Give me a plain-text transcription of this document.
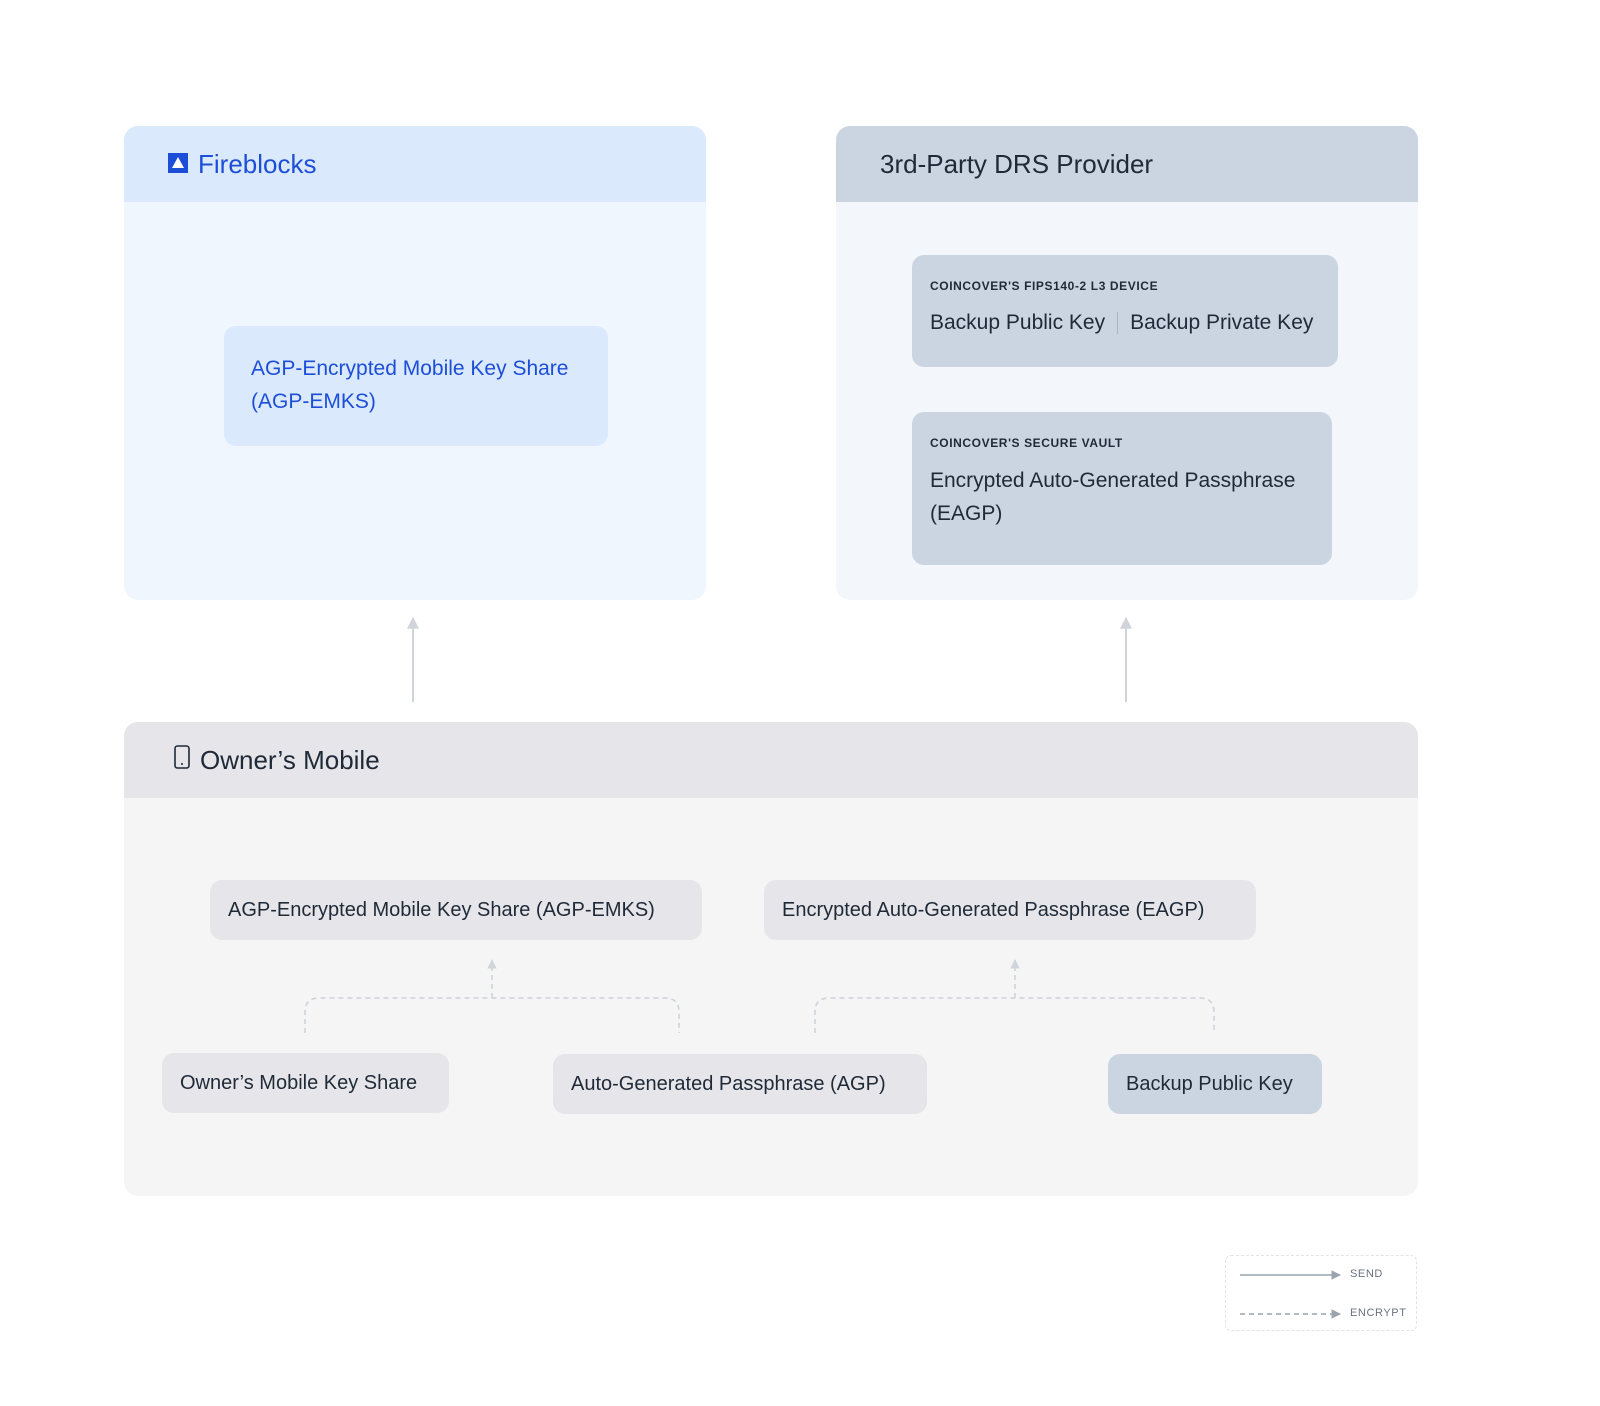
Fireblocks
AGP-Encrypted Mobile Key Share
(AGP-EMKS)
3rd-Party DRS Provider
COINCOVER'S FIPS140-2 L3 DEVICE
Backup Public Key Backup Private Key
COINCOVER'S SECURE VAULT
Encrypted Auto-Generated Passphrase
(EAGP)
Owner’s Mobile
AGP-Encrypted Mobile Key Share (AGP-EMKS)	Encrypted Auto-Generated Passphrase (EAGP)
Owner’s Mobile Key Share	Auto-Generated Passphrase (AGP)	Backup Public Key
SEND
ENCRYPT
